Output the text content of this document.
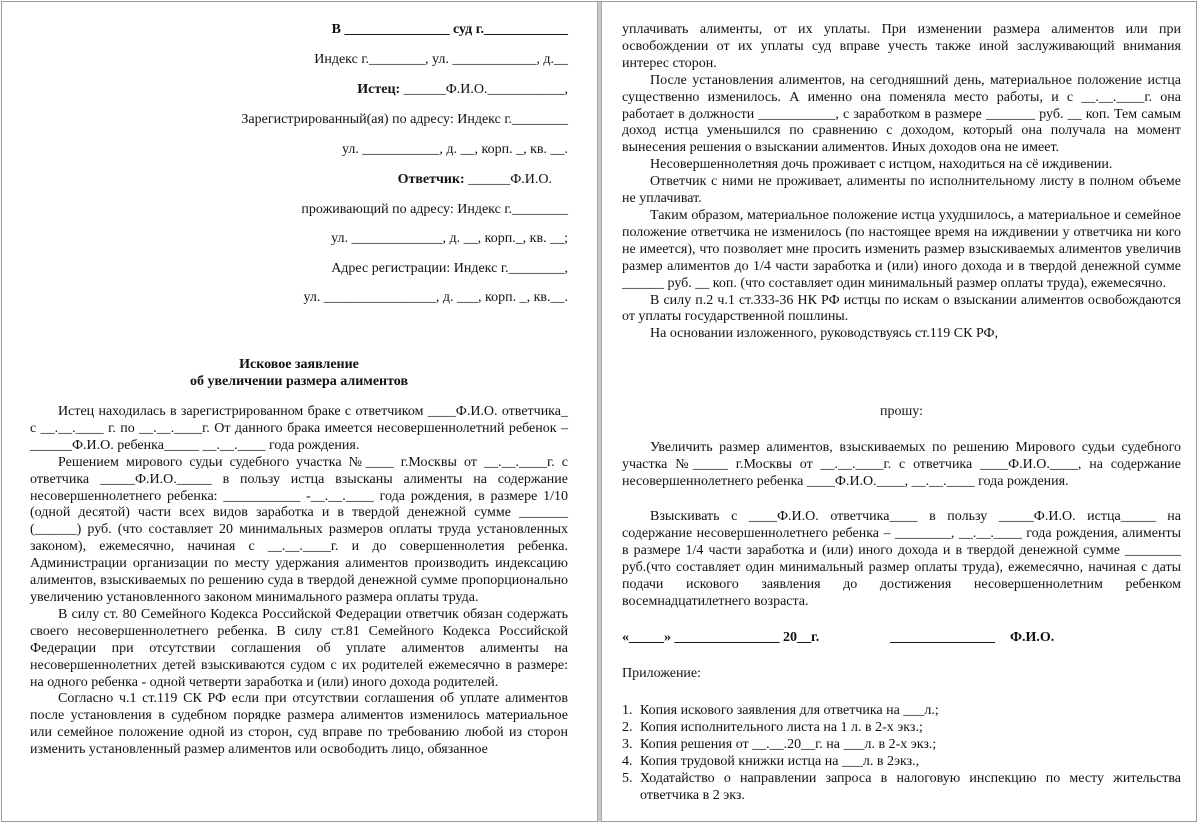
В _______________ суд г.____________
Индекс г.________, ул. ____________, д.__
Истец: ______Ф.И.О.___________,
Зарегистрированный(ая) по адресу: Индекс г.________
ул. ___________, д. __, корп. _, кв. __.
Ответчик: ______Ф.И.О.
проживающий по адресу: Индекс г.________
ул. _____________, д. __, корп._, кв. __;
Адрес регистрации: Индекс г.________,
ул. ________________, д. ___, корп. _, кв.__.
Исковое заявление
об увеличении размера алиментов

Истец находилась в зарегистрированном браке с ответчиком ____Ф.И.О. ответчика_ с __.__.____ г. по __.__.____г. От данного брака имеется несовершеннолетний ребенок – ______Ф.И.О. ребенка_____ __.__.____ года рождения.

Решением мирового судьи судебного участка №____ г.Москвы от __.__.____г. с ответчика _____Ф.И.О._____ в пользу истца взысканы алименты на содержание несовершеннолетнего ребенка: ___________ -__.__.____ года рождения, в размере 1/10 (одной десятой) части всех видов заработка и в твердой денежной сумме _______ (______) руб. (что составляет 20 минимальных размеров оплаты труда установленных законом), ежемесячно, начиная с __.__.____г. и до совершеннолетия ребенка. Администрации организации по месту удержания алиментов производить индексацию алиментов, взыскиваемых по решению суда в твердой денежной сумме пропорционально увеличению установленного законом минимального размера оплаты труда.

В силу ст. 80 Семейного Кодекса Российской Федерации ответчик обязан содержать своего несовершеннолетнего ребенка. В силу ст.81 Семейного Кодекса Российской Федерации при отсутствии соглашения об уплате алиментов алименты на несовершеннолетних детей взыскиваются судом с их родителей ежемесячно в размере: на одного ребенка - одной четверти заработка и (или) иного дохода родителей.

Согласно ч.1 ст.119 СК РФ если при отсутствии соглашения об уплате алиментов после установления в судебном порядке размера алиментов изменилось материальное или семейное положение одной из сторон, суд вправе по требованию любой из сторон изменить установленный размер алиментов или освободить лицо, обязанное

уплачивать алименты, от их уплаты. При изменении размера алиментов или при освобождении от их уплаты суд вправе учесть также иной заслуживающий внимания интерес сторон.

После установления алиментов, на сегодняшний день, материальное положение истца существенно изменилось. А именно она поменяла место работы, и с __.__.____г. она работает в должности ___________, с заработком в размере _______ руб. __ коп. Тем самым доход истца уменьшился по сравнению с доходом, который она получала на момент вынесения решения о взыскании алиментов. Иных доходов она не имеет.

Несовершеннолетняя дочь проживает с истцом, находиться на сё иждивении.

Ответчик с ними не проживает, алименты по исполнительному листу в полном объеме не уплачиват.

Таким образом, материальное положение истца ухудшилось, а материальное и семейное положение ответчика не изменилось (по настоящее время на иждивении у ответчика ни кого не имеется), что позволяет мне просить изменить размер взыскиваемых алиментов увеличив размер алиментов до 1/4 части заработка и (или) иного дохода и в твердой денежной сумме ______ руб. __ коп. (что составляет один минимальный размер оплаты труда), ежемесячно.

В силу п.2 ч.1 ст.333-36 НК РФ истцы по искам о взыскании алиментов освобождаются от уплаты государственной пошлины.

На основании изложенного, руководствуясь ст.119 СК РФ,

прошу:

Увеличить размер алиментов, взыскиваемых по решению Мирового судьи судебного участка №_____ г.Москвы от __.__.____г. с ответчика ____Ф.И.О.____, на содержание несовершеннолетнего ребенка ____Ф.И.О.____, __.__.____ года рождения.

Взыскивать с ____Ф.И.О. ответчика____ в пользу _____Ф.И.О. истца_____ на содержание несовершеннолетнего ребенка – ________, __.__.____ года рождения, алименты в размере 1/4 части заработка и (или) иного дохода и в твердой денежной сумме ________ руб.(что составляет один минимальный размер оплаты труда), ежемесячно, начиная с даты подачи искового заявления до достижения несовершеннолетним ребенком восемнадцатилетнего возраста.

«_____» _______________ 20__г.	_______________ Ф.И.О.
Приложение:
1. Копия искового заявления для ответчика на ___л.;
2. Копия исполнительного листа на 1 л. в 2-х экз.;
3. Копия решения от __.__.20__г. на ___л. в 2-х экз.;
4. Копия трудовой книжки истца на ___л. в 2экз.,
5. Ходатайство о направлении запроса в налоговую инспекцию по месту жительства ответчика в 2 экз.
